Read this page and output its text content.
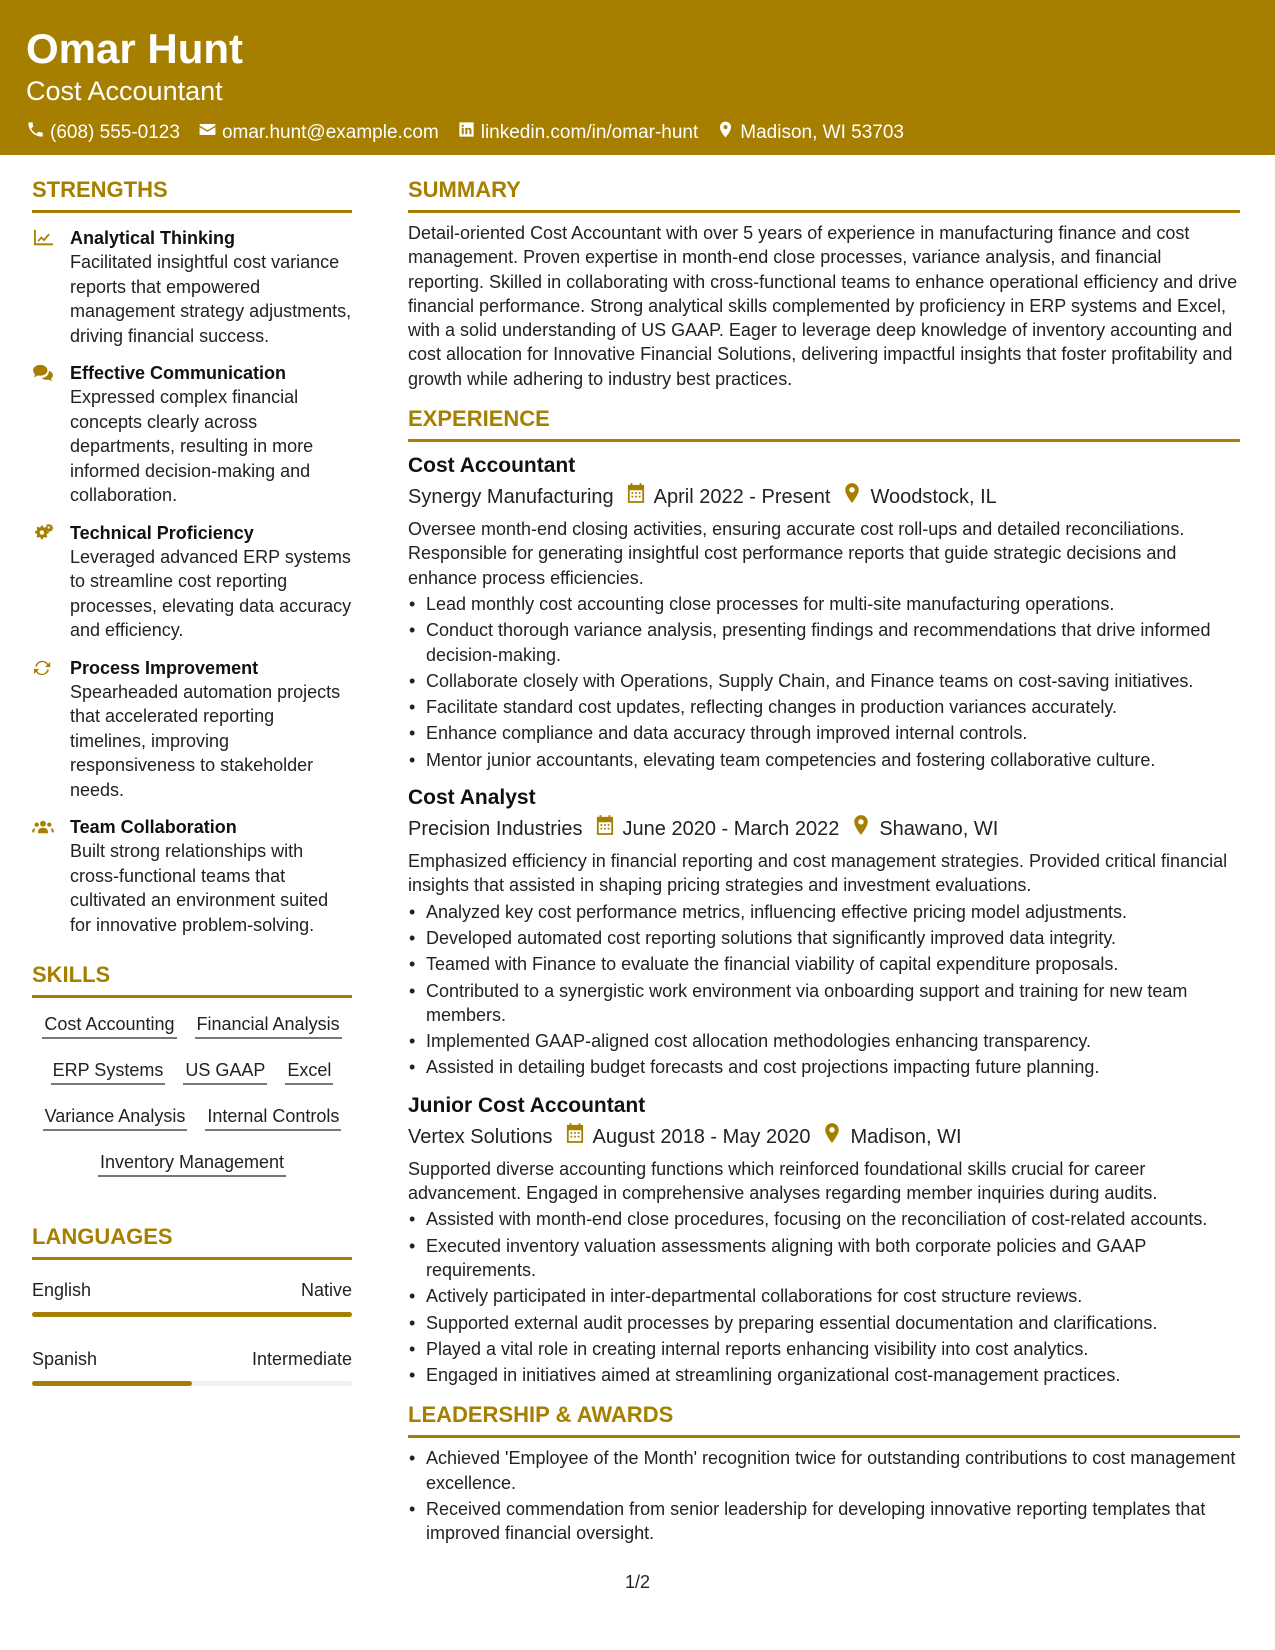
Omar Hunt
Cost Accountant
(608) 555-0123 omar.hunt@example.com linkedin.com/in/omar-hunt Madison, WI 53703
STRENGTHS
Analytical Thinking
Facilitated insightful cost variance reports that empowered management strategy adjustments, driving financial success.
Effective Communication
Expressed complex financial concepts clearly across departments, resulting in more informed decision-making and collaboration.
Technical Proficiency
Leveraged advanced ERP systems to streamline cost reporting processes, elevating data accuracy and efficiency.
Process Improvement
Spearheaded automation projects that accelerated reporting timelines, improving responsiveness to stakeholder needs.
Team Collaboration
Built strong relationships with cross-functional teams that cultivated an environment suited for innovative problem-solving.
SKILLS
Cost Accounting Financial Analysis
ERP Systems US GAAP Excel
Variance Analysis Internal Controls
Inventory Management
LANGUAGES
English	Native
Spanish	Intermediate
SUMMARY
Detail-oriented Cost Accountant with over 5 years of experience in manufacturing finance and cost management. Proven expertise in month-end close processes, variance analysis, and financial reporting. Skilled in collaborating with cross-functional teams to enhance operational efficiency and drive financial performance. Strong analytical skills complemented by proficiency in ERP systems and Excel, with a solid understanding of US GAAP. Eager to leverage deep knowledge of inventory accounting and cost allocation for Innovative Financial Solutions, delivering impactful insights that foster profitability and growth while adhering to industry best practices.
EXPERIENCE
Cost Accountant
Synergy Manufacturing April 2022 - Present Woodstock, IL
Oversee month-end closing activities, ensuring accurate cost roll-ups and detailed reconciliations. Responsible for generating insightful cost performance reports that guide strategic decisions and enhance process efficiencies.
• Lead monthly cost accounting close processes for multi-site manufacturing operations.
• Conduct thorough variance analysis, presenting findings and recommendations that drive informed decision-making.
• Collaborate closely with Operations, Supply Chain, and Finance teams on cost-saving initiatives.
• Facilitate standard cost updates, reflecting changes in production variances accurately.
• Enhance compliance and data accuracy through improved internal controls.
• Mentor junior accountants, elevating team competencies and fostering collaborative culture.
Cost Analyst
Precision Industries June 2020 - March 2022 Shawano, WI
Emphasized efficiency in financial reporting and cost management strategies. Provided critical financial insights that assisted in shaping pricing strategies and investment evaluations.
• Analyzed key cost performance metrics, influencing effective pricing model adjustments.
• Developed automated cost reporting solutions that significantly improved data integrity.
• Teamed with Finance to evaluate the financial viability of capital expenditure proposals.
• Contributed to a synergistic work environment via onboarding support and training for new team members.
• Implemented GAAP-aligned cost allocation methodologies enhancing transparency.
• Assisted in detailing budget forecasts and cost projections impacting future planning.
Junior Cost Accountant
Vertex Solutions August 2018 - May 2020 Madison, WI
Supported diverse accounting functions which reinforced foundational skills crucial for career advancement. Engaged in comprehensive analyses regarding member inquiries during audits.
• Assisted with month-end close procedures, focusing on the reconciliation of cost-related accounts.
• Executed inventory valuation assessments aligning with both corporate policies and GAAP requirements.
• Actively participated in inter-departmental collaborations for cost structure reviews.
• Supported external audit processes by preparing essential documentation and clarifications.
• Played a vital role in creating internal reports enhancing visibility into cost analytics.
• Engaged in initiatives aimed at streamlining organizational cost-management practices.
LEADERSHIP & AWARDS
• Achieved 'Employee of the Month' recognition twice for outstanding contributions to cost management excellence.
• Received commendation from senior leadership for developing innovative reporting templates that improved financial oversight.
1/2
